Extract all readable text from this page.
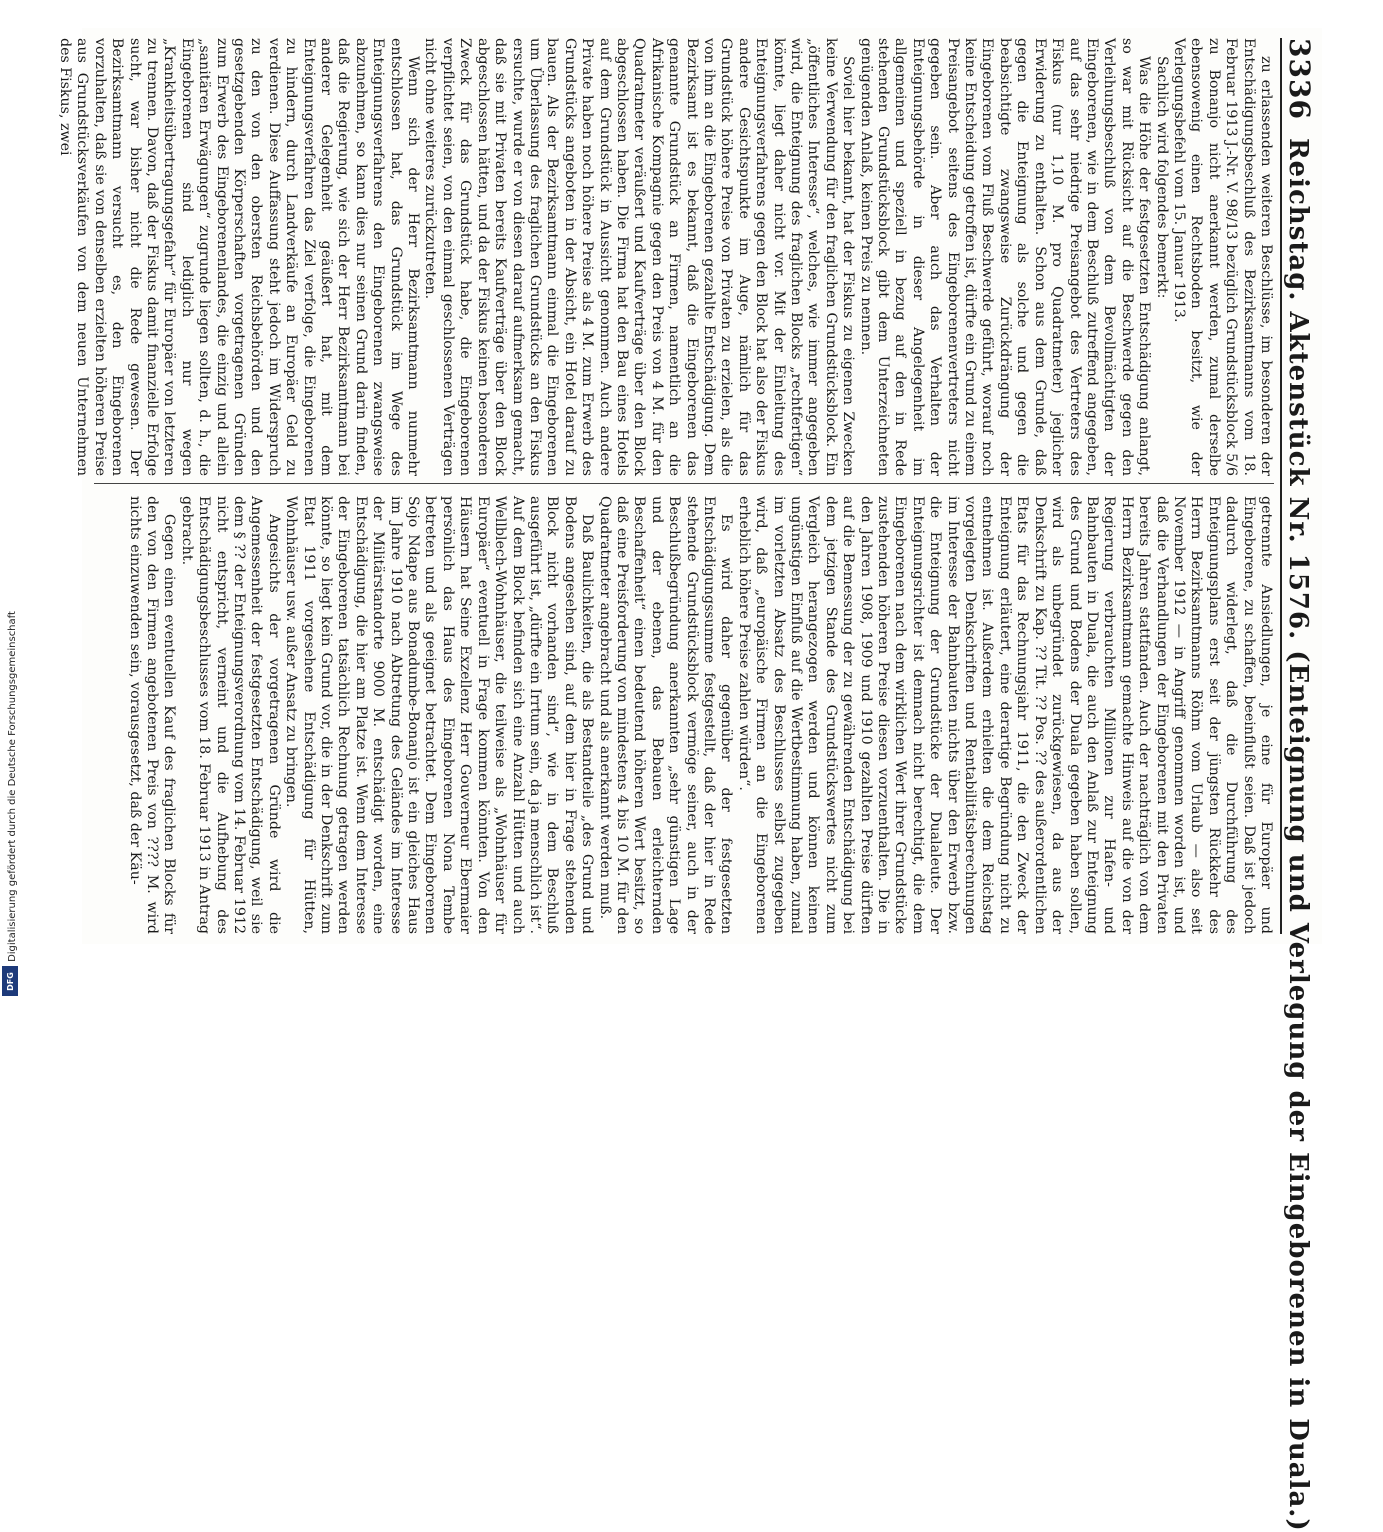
Digitalisierung gefördert durch die Deutsche Forschungsgemeinschaft
DFG
3336
Reichstag. Aktenstück Nr. 1576. (Enteignung und Verlegung der Eingeborenen in Duala.)

zu erlassenden weiteren Beschlüsse, im besonderen der Entschädigungsbeschluß des Bezirksamtmanns vom 18. Februar 1913 J.-Nr. V. 98/13 bezüglich Grundstücksblock 5/6 zu Bonanjo nicht anerkannt werden, zumal derselbe ebensowenig einen Rechtsboden besitzt, wie der Verlegungsbefehl vom 15. Januar 1913.

Sachlich wird folgendes bemerkt:

Was die Höhe der festgesetzten Entschädigung anlangt, so war mit Rücksicht auf die Beschwerde gegen den Verleihungsbeschluß von dem Bevollmächtigten der Eingeborenen, wie in dem Beschluß zutreffend angegeben, auf das sehr niedrige Preisangebot des Vertreters des Fiskus (nur 1,10 M. pro Quadratmeter) jeglicher Erwiderung zu enthalten. Schon aus dem Grunde, daß gegen die Enteignung als solche und gegen die beabsichtigte zwangsweise Zurückdrängung der Eingeborenen vom Fluß Beschwerde geführt, worauf noch keine Entscheidung getroffen ist, dürfte ein Grund zu einem Preisangebot seitens des Eingeborenenvertreters nicht gegeben sein. Aber auch das Verhalten der Enteignungsbehörde in dieser Angelegenheit im allgemeinen und speziell in bezug auf den in Rede stehenden Grundstücksblock gibt dem Unterzeichneten genügenden Anlaß, keinen Preis zu nennen.

Soviel hier bekannt, hat der Fiskus zu eigenen Zwecken keine Verwendung für den fraglichen Grundstücksblock. Ein „öffentliches Interesse“, welches, wie immer angegeben wird, die Enteignung des fraglichen Blocks „rechtfertigen“ könnte, liegt daher nicht vor. Mit der Einleitung des Enteignungsverfahrens gegen den Block hat also der Fiskus andere Gesichtspunkte im Auge, nämlich für das Grundstück höhere Preise von Privaten zu erzielen, als die von ihm an die Eingeborenen gezahlte Entschädigung. Dem Bezirksamt ist es bekannt, daß die Eingeborenen das genannte Grundstück an Firmen, namentlich an die Afrikanische Kompagnie gegen den Preis von 4 M. für den Quadratmeter veräußert und Kaufverträge über den Block abgeschlossen haben. Die Firma hat den Bau eines Hotels auf dem Grundstück in Aussicht genommen. Auch andere Private haben noch höhere Preise als 4 M. zum Erwerb des Grundstücks angeboten in der Absicht, ein Hotel darauf zu bauen. Als der Bezirksamtmann einmal die Eingeborenen um Überlassung des fraglichen Grundstücks an den Fiskus ersuchte, wurde er von diesen darauf aufmerksam gemacht, daß sie mit Privaten bereits Kaufverträge über den Block abgeschlossen hätten, und da der Fiskus keinen besonderen Zweck für das Grundstück habe, die Eingeborenen verpflichtet seien, von den einmal geschlossenen Verträgen nicht ohne weiteres zurückzutreten.

Wenn sich der Herr Bezirksamtmann nunmehr entschlossen hat, das Grundstück im Wege des Enteignungsverfahrens den Eingeborenen zwangsweise abzunehmen, so kann dies nur seinen Grund darin finden, daß die Regierung, wie sich der Herr Bezirksamtmann bei anderer Gelegenheit geäußert hat, mit dem Enteignungsverfahren das Ziel verfolge, die Eingeborenen zu hindern, durch Landverkäufe an Europäer Geld zu verdienen. Diese Auffassung steht jedoch im Widerspruch zu den von den obersten Reichsbehörden und den gesetzgebenden Körperschaften vorgetragenen Gründen zum Erwerb des Eingeborenenlandes, die einzig und allein „sanitären Erwägungen“ zugrunde liegen sollten, d. h., die Eingeborenen sind lediglich nur wegen „Krankheitsübertragungsgefahr“ für Europäer von letzteren zu trennen. Davon, daß der Fiskus damit finanzielle Erfolge sucht, war bisher nicht die Rede gewesen. Der Bezirksamtmann versucht es, den Eingeborenen vorzuhalten, daß sie von denselben erzielten höheren Preise aus Grundstücksverkäufen von dem neuen Unternehmen des Fiskus, zwei

getrennte Ansiedlungen, je eine für Europäer und Eingeborene, zu schaffen, beeinflußt seien. Daß ist jedoch dadurch widerlegt, daß die Durchführung des Enteignungsplans erst seit der jüngsten Rückkehr des Herrn Bezirksamtmanns Röhm vom Urlaub — also seit November 1912 — in Angriff genommen worden ist, und daß die Verhandlungen der Eingeborenen mit den Privaten bereits Jahren stattfanden. Auch der nachträglich von dem Herrn Bezirksamtmann gemachte Hinweis auf die von der Regierung verbrauchten Millionen zur Hafen- und Bahnbauten in Duala, die auch den Anlaß zur Enteignung des Grund und Bodens der Duala gegeben haben sollen, wird als unbegründet zurückgewiesen, da aus der Denkschrift zu Kap. ?? Tit. ?? Pos. ?? des außerordentlichen Etats für das Rechnungsjahr 1911, die den Zweck der Enteignung erläutert, eine derartige Begründung nicht zu entnehmen ist. Außerdem erhielten die dem Reichstag vorgelegten Denkschriften und Rentabilitätsberechnungen im Interesse der Bahnbauten nichts über den Erwerb bzw. die Enteignung der Grundstücke der Dualaleute. Der Enteignungsrichter ist demnach nicht berechtigt, die dem Eingeborenen nach dem wirklichen Wert ihrer Grundstücke zustehenden höheren Preise diesen vorzuenthalten. Die in den Jahren 1908, 1909 und 1910 gezahlten Preise dürften auf die Bemessung der zu gewährenden Entschädigung bei dem jetzigen Stande des Grundstückswertes nicht zum Vergleich herangezogen werden und können keinen ungünstigen Einfluß auf die Wertbestimmung haben, zumal im vorletzten Absatz des Beschlusses selbst zugegeben wird, daß „europäische Firmen an die Eingeborenen erheblich höhere Preise zahlen würden“.

Es wird daher gegenüber der festgesetzten Entschädigungssumme festgestellt, daß der hier in Rede stehende Grundstücksblock vermöge seiner, auch in der Beschlußbegründung anerkannten „sehr günstigen Lage und der ebenen, das Bebauen erleichternden Beschaffenheit“ einen bedeutend höheren Wert besitzt, so daß eine Preisforderung von mindestens 4 bis 10 M. für den Quadratmeter angebracht und als anerkannt werden muß.

Daß Baulichkeiten, die als Bestandteile „des Grund und Bodens angesehen sind, auf dem hier in Frage stehenden Block nicht vorhanden sind“, wie in dem Beschluß ausgeführt ist, „dürfte ein Irrtum sein, da ja menschlich ist“. Auf dem Block befinden sich eine Anzahl Hütten und auch Wellblech-Wohnhäuser, die teilweise als „Wohnhäuser für Europäer“ eventuell in Frage kommen könnten. Von den Häusern hat Seine Exzellenz Herr Gouverneur Ebermaier persönlich das Haus des Eingeborenen Nona Tembe betreten und als geeignet betrachtet. Dem Eingeborenen Sojo Ndape aus Bonadumbe-Bonanjo ist ein gleiches Haus im Jahre 1910 nach Abtretung des Geländes im Interesse der Militärstandorte 9000 M. entschädigt worden, eine Entschädigung, die hier am Platze ist. Wenn dem Interesse der Eingeborenen tatsächlich Rechnung getragen werden könnte, so liegt kein Grund vor, die in der Denkschrift zum Etat 1911 vorgesehene Entschädigung für Hütten, Wohnhäuser usw. außer Ansatz zu bringen.

Angesichts der vorgetragenen Gründe wird die Angemessenheit der festgesetzten Entschädigung, weil sie dem § ?? der Enteignungsverordnung vom 14. Februar 1912 nicht entspricht, verneint und die Aufhebung des Entschädigungsbeschlusses vom 18. Februar 1913 in Antrag gebracht.

Gegen einen eventuellen Kauf des fraglichen Blocks für den von den Firmen angebotenen Preis von ???? M. wird nichts einzuwenden sein, vorausgesetzt, daß der Käu-
